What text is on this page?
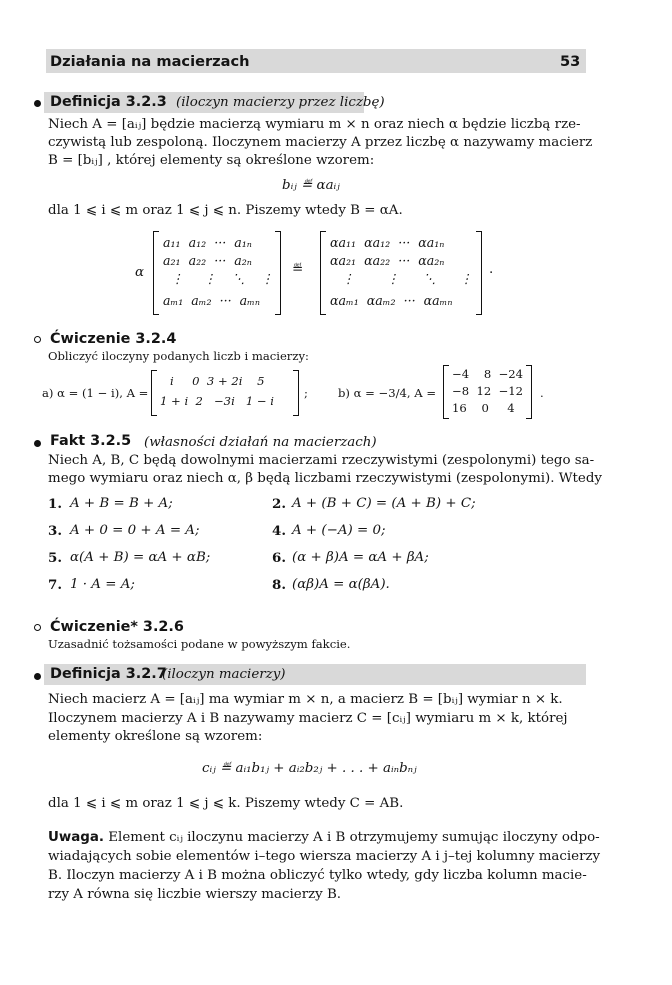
Działania na macierzach	53
Definicja 3.2.3 (iloczyn macierzy przez liczbę)
Niech A = [aᵢⱼ] będzie macierzą wymiaru m × n oraz niech α będzie liczbą rze-
czywistą lub zespoloną. Iloczynem macierzy A przez liczbę α nazywamy macierz
B = [bᵢⱼ] , której elementy są określone wzorem:
bᵢⱼ ≝ αaᵢⱼ
dla 1 ⩽ i ⩽ m oraz 1 ⩽ j ⩽ n. Piszemy wtedy B = αA.
α
a₁₁  a₁₂  ···  a₁ₙ
a₂₁  a₂₂  ···  a₂ₙ
⋮     ⋮    ⋱    ⋮
aₘ₁  aₘ₂  ···  aₘₙ
≝
αa₁₁  αa₁₂  ···  αa₁ₙ
αa₂₁  αa₂₂  ···  αa₂ₙ
⋮        ⋮      ⋱      ⋮
αaₘ₁  αaₘ₂  ···  αaₘₙ
.
Ćwiczenie 3.2.4
Obliczyć iloczyny podanych liczb i macierzy:
a) α = (1 − i), A =
i     0  3 + 2i    5
1 + i  2   −3i   1 − i
;	b) α = −3/4, A =
−4    8  −24
−8  12  −12
16    0     4
.
Fakt 3.2.5 (własności działań na macierzach)
Niech A, B, C będą dowolnymi macierzami rzeczywistymi (zespolonymi) tego sa-
mego wymiaru oraz niech α, β będą liczbami rzeczywistymi (zespolonymi). Wtedy
1. A + B = B + A;	2. A + (B + C) = (A + B) + C;
3. A + 0 = 0 + A = A;	4. A + (−A) = 0;
5. α(A + B) = αA + αB;	6. (α + β)A = αA + βA;
7. 1 · A = A;	8. (αβ)A = α(βA).
Ćwiczenie* 3.2.6
Uzasadnić tożsamości podane w powyższym fakcie.
Definicja 3.2.7
(iloczyn macierzy)
Niech macierz A = [aᵢⱼ] ma wymiar m × n, a macierz B = [bᵢⱼ] wymiar n × k.
Iloczynem macierzy A i B nazywamy macierz C = [cᵢⱼ] wymiaru m × k, której
elementy określone są wzorem:
cᵢⱼ ≝ aᵢ₁b₁ⱼ + aᵢ₂b₂ⱼ + . . . + aᵢₙbₙⱼ
dla 1 ⩽ i ⩽ m oraz 1 ⩽ j ⩽ k. Piszemy wtedy C = AB.
Uwaga. Element cᵢⱼ iloczynu macierzy A i B otrzymujemy sumując iloczyny odpo-
wiadających sobie elementów i–tego wiersza macierzy A i j–tej kolumny macierzy
B. Iloczyn macierzy A i B można obliczyć tylko wtedy, gdy liczba kolumn macie-
rzy A równa się liczbie wierszy macierzy B.
